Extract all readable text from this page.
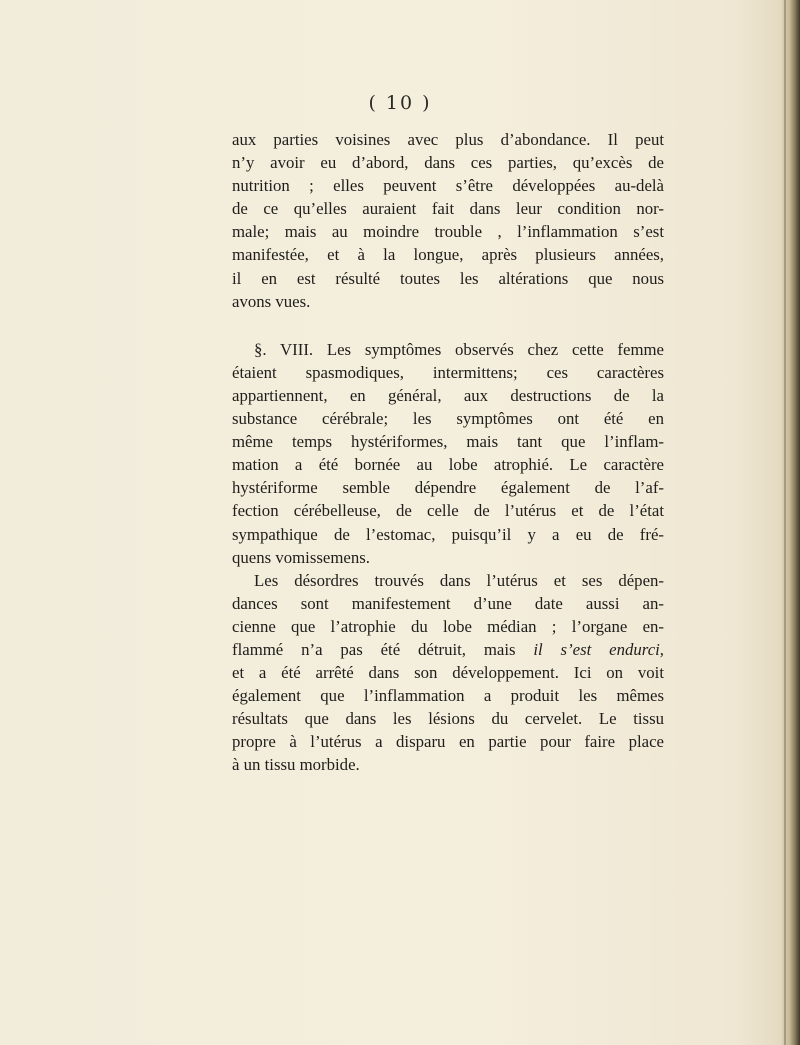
( 10 )
aux parties voisines avec plus d’abondance. Il peut
n’y avoir eu d’abord, dans ces parties, qu’excès de
nutrition ; elles peuvent s’être développées au-delà
de ce qu’elles auraient fait dans leur condition nor-
male; mais au moindre trouble , l’inflammation s’est
manifestée, et à la longue, après plusieurs années,
il en est résulté toutes les altérations que nous
avons vues.
§. VIII. Les symptômes observés chez cette femme
étaient spasmodiques, intermittens; ces caractères
appartiennent, en général, aux destructions de la
substance cérébrale; les symptômes ont été en
même temps hystériformes, mais tant que l’inflam-
mation a été bornée au lobe atrophié. Le caractère
hystériforme semble dépendre également de l’af-
fection cérébelleuse, de celle de l’utérus et de l’état
sympathique de l’estomac, puisqu’il y a eu de fré-
quens vomissemens.
Les désordres trouvés dans l’utérus et ses dépen-
dances sont manifestement d’une date aussi an-
cienne que l’atrophie du lobe médian ; l’organe en-
flammé n’a pas été détruit, mais il s’est endurci,
et a été arrêté dans son développement. Ici on voit
également que l’inflammation a produit les mêmes
résultats que dans les lésions du cervelet. Le tissu
propre à l’utérus a disparu en partie pour faire place
à un tissu morbide.
